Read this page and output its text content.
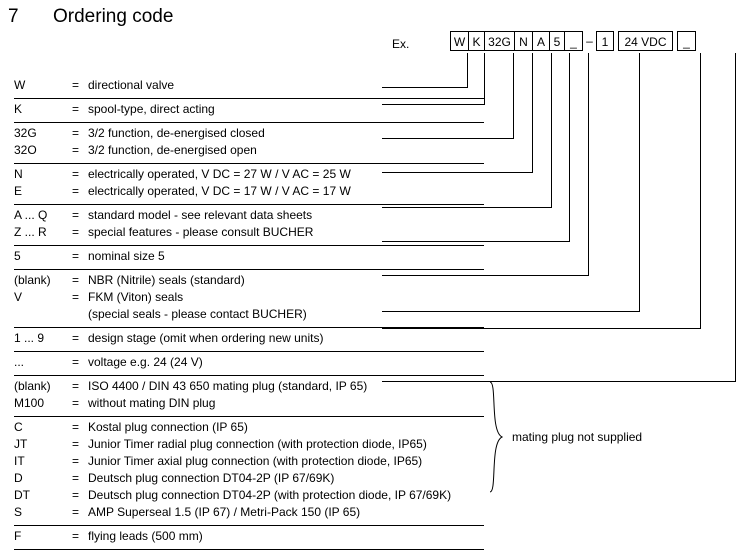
7	Ordering code
Ex.	W K 32G N A 5 _ – 1	24 VDC	_
W	= directional valve
K	= spool-type, direct acting
32G	= 3/2 function, de-energised closed
32O	= 3/2 function, de-energised open
N	= electrically operated, V DC = 27 W / V AC = 25 W
E	= electrically operated, V DC = 17 W / V AC = 17 W
A ... Q	= standard model - see relevant data sheets
Z ... R	= special features - please consult BUCHER
5	= nominal size 5
(blank)	= NBR (Nitrile) seals (standard)
V	= FKM (Viton) seals
(special seals - please contact BUCHER)
1 ... 9	= design stage (omit when ordering new units)
...	= voltage e.g. 24 (24 V)
(blank)	= ISO 4400 / DIN 43 650 mating plug (standard, IP 65)
M100	= without mating DIN plug
C	= Kostal plug connection (IP 65)
JT	= Junior Timer radial plug connection (with protection diode, IP65)
IT	= Junior Timer axial plug connection (with protection diode, IP65)
D	= Deutsch plug connection DT04-2P (IP 67/69K)
DT	= Deutsch plug connection DT04-2P (with protection diode, IP 67/69K)
S	= AMP Superseal 1.5 (IP 67) / Metri-Pack 150 (IP 65)
F	= flying leads (500 mm)
mating plug not supplied
